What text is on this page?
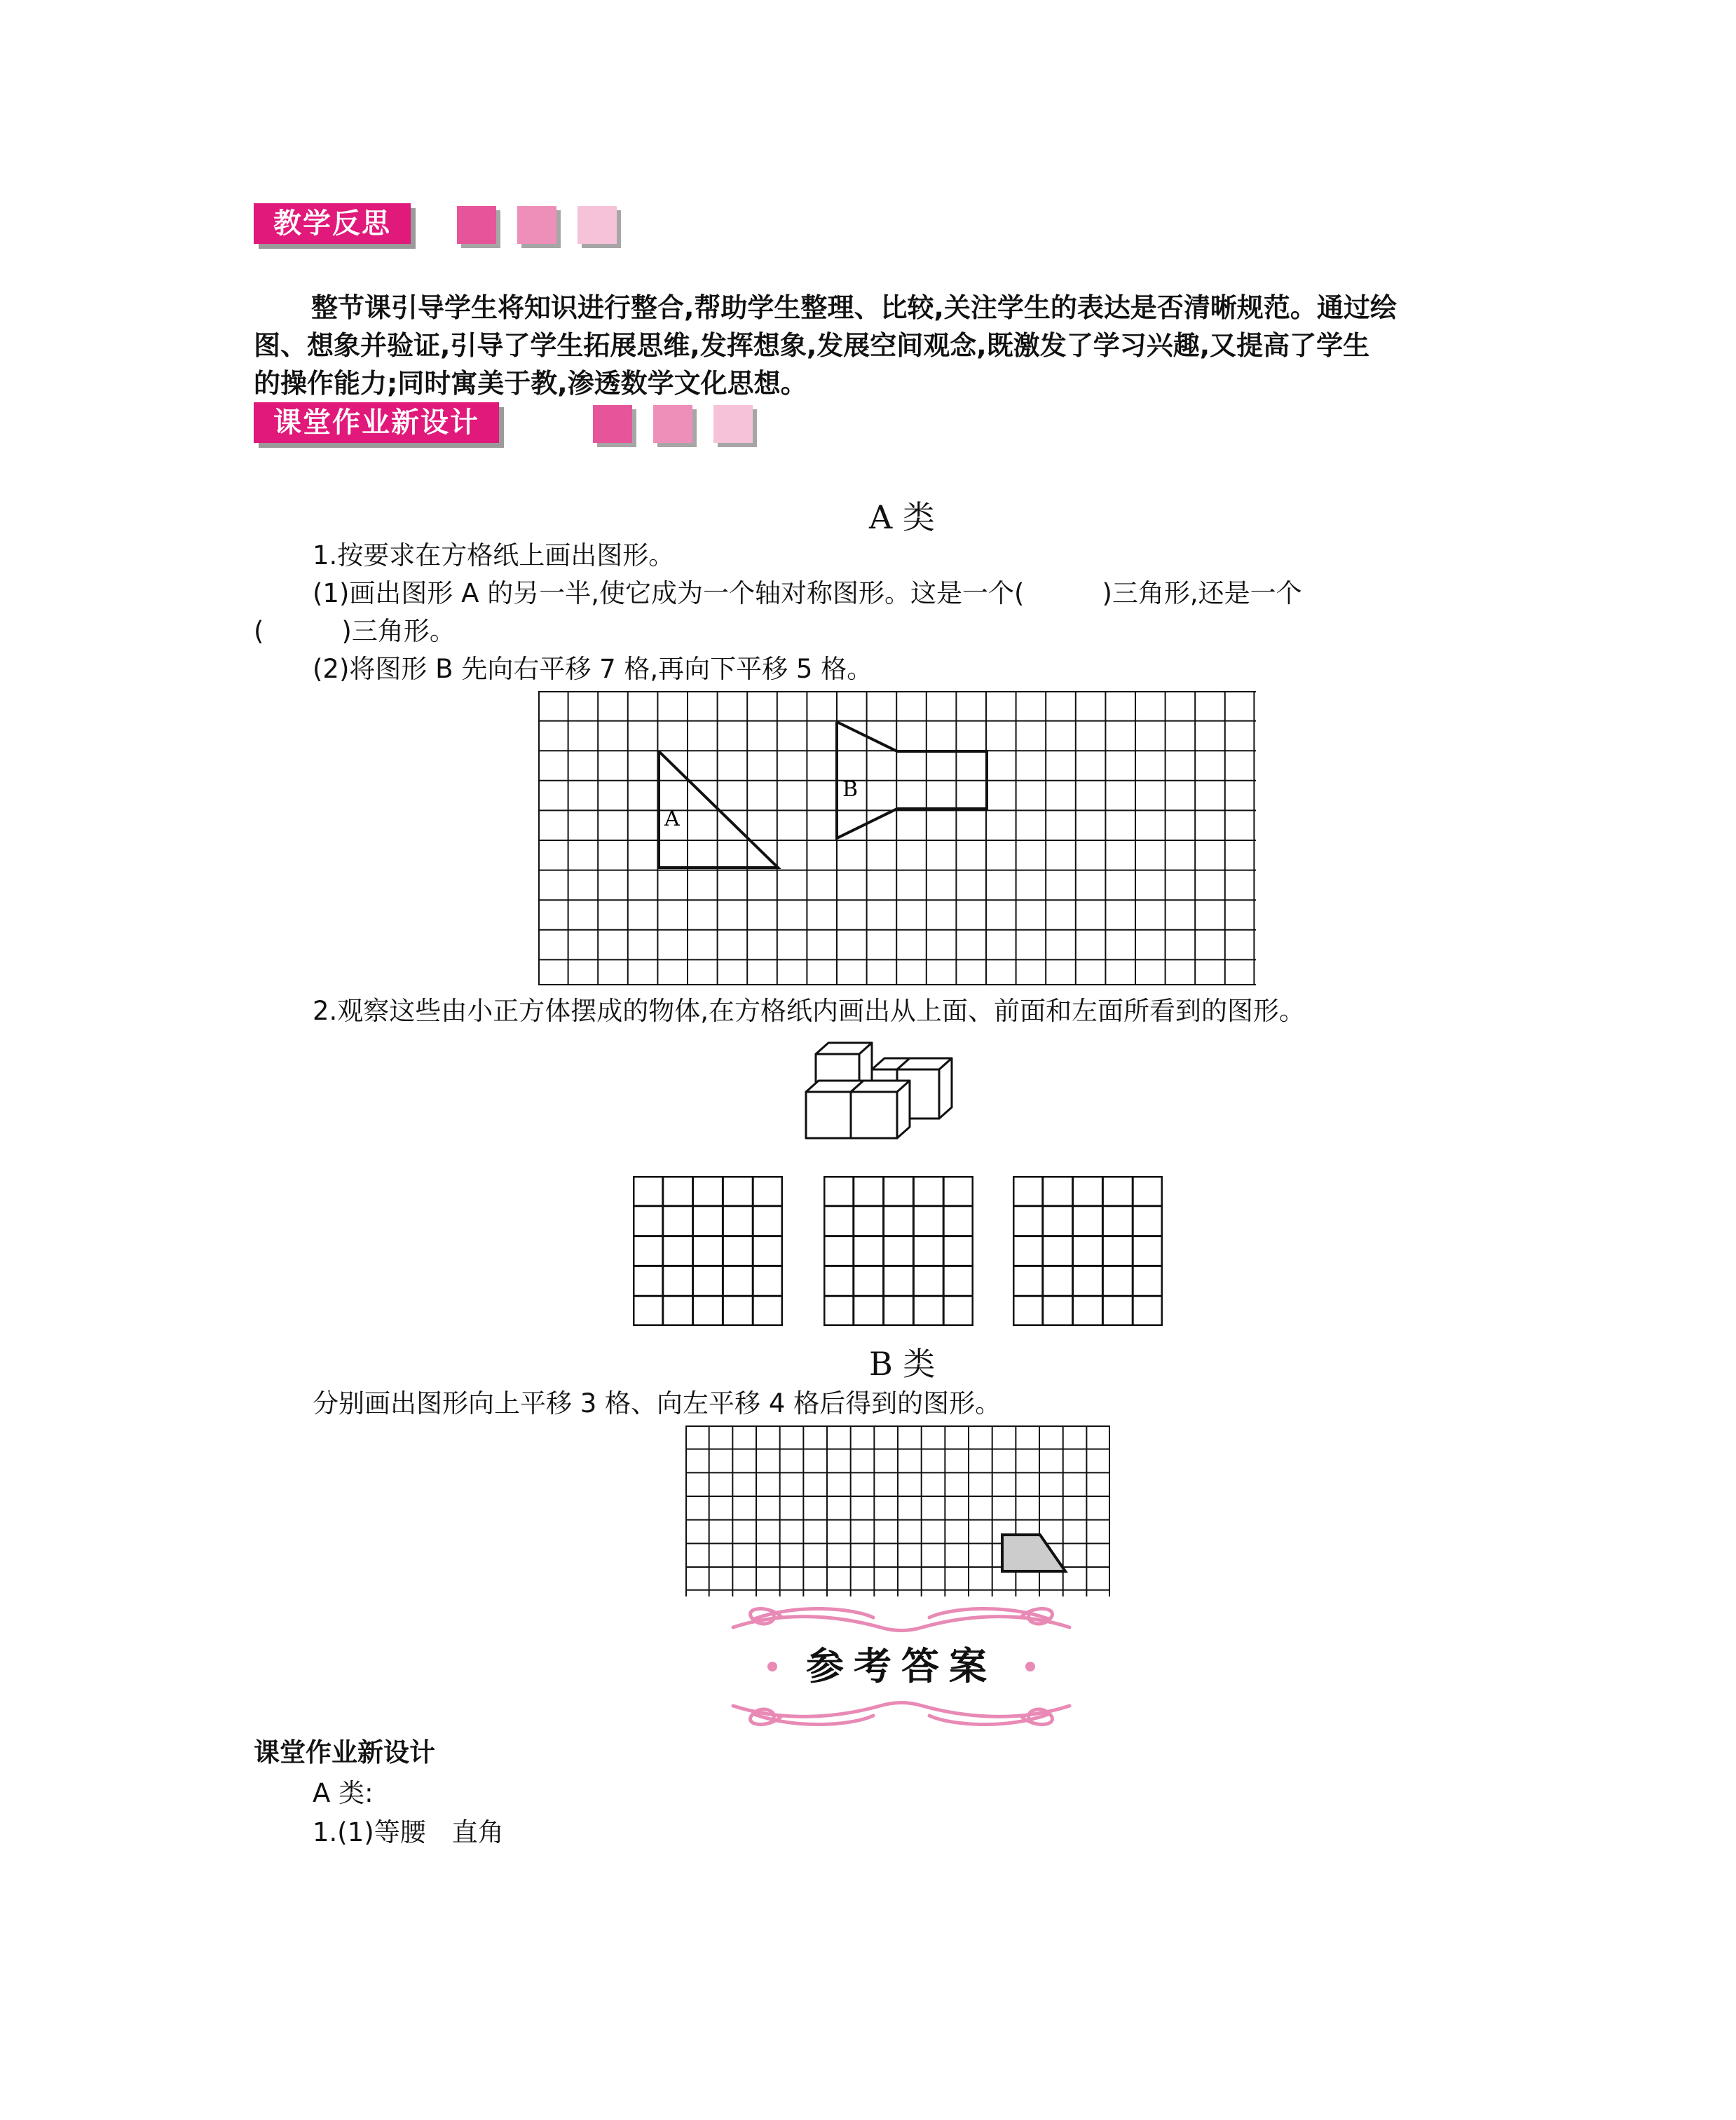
教学反思
整节课引导学生将知识进行整合,帮助学生整理、比较,关注学生的表达是否清晰规范。通过绘
图、想象并验证,引导了学生拓展思维,发挥想象,发展空间观念,既激发了学习兴趣,又提高了学生
的操作能力;同时寓美于教,渗透数学文化思想。
课堂作业新设计
A 类
1.按要求在方格纸上画出图形。
(1)画出图形 A 的另一半,使它成为一个轴对称图形。这是一个(　　　)三角形,还是一个
(　　　)三角形。
(2)将图形 B 先向右平移 7 格,再向下平移 5 格。
A
B
2.观察这些由小正方体摆成的物体,在方格纸内画出从上面、前面和左面所看到的图形。
B 类
分别画出图形向上平移 3 格、向左平移 4 格后得到的图形。
参考答案
课堂作业新设计
A 类:
1.(1)等腰　直角
